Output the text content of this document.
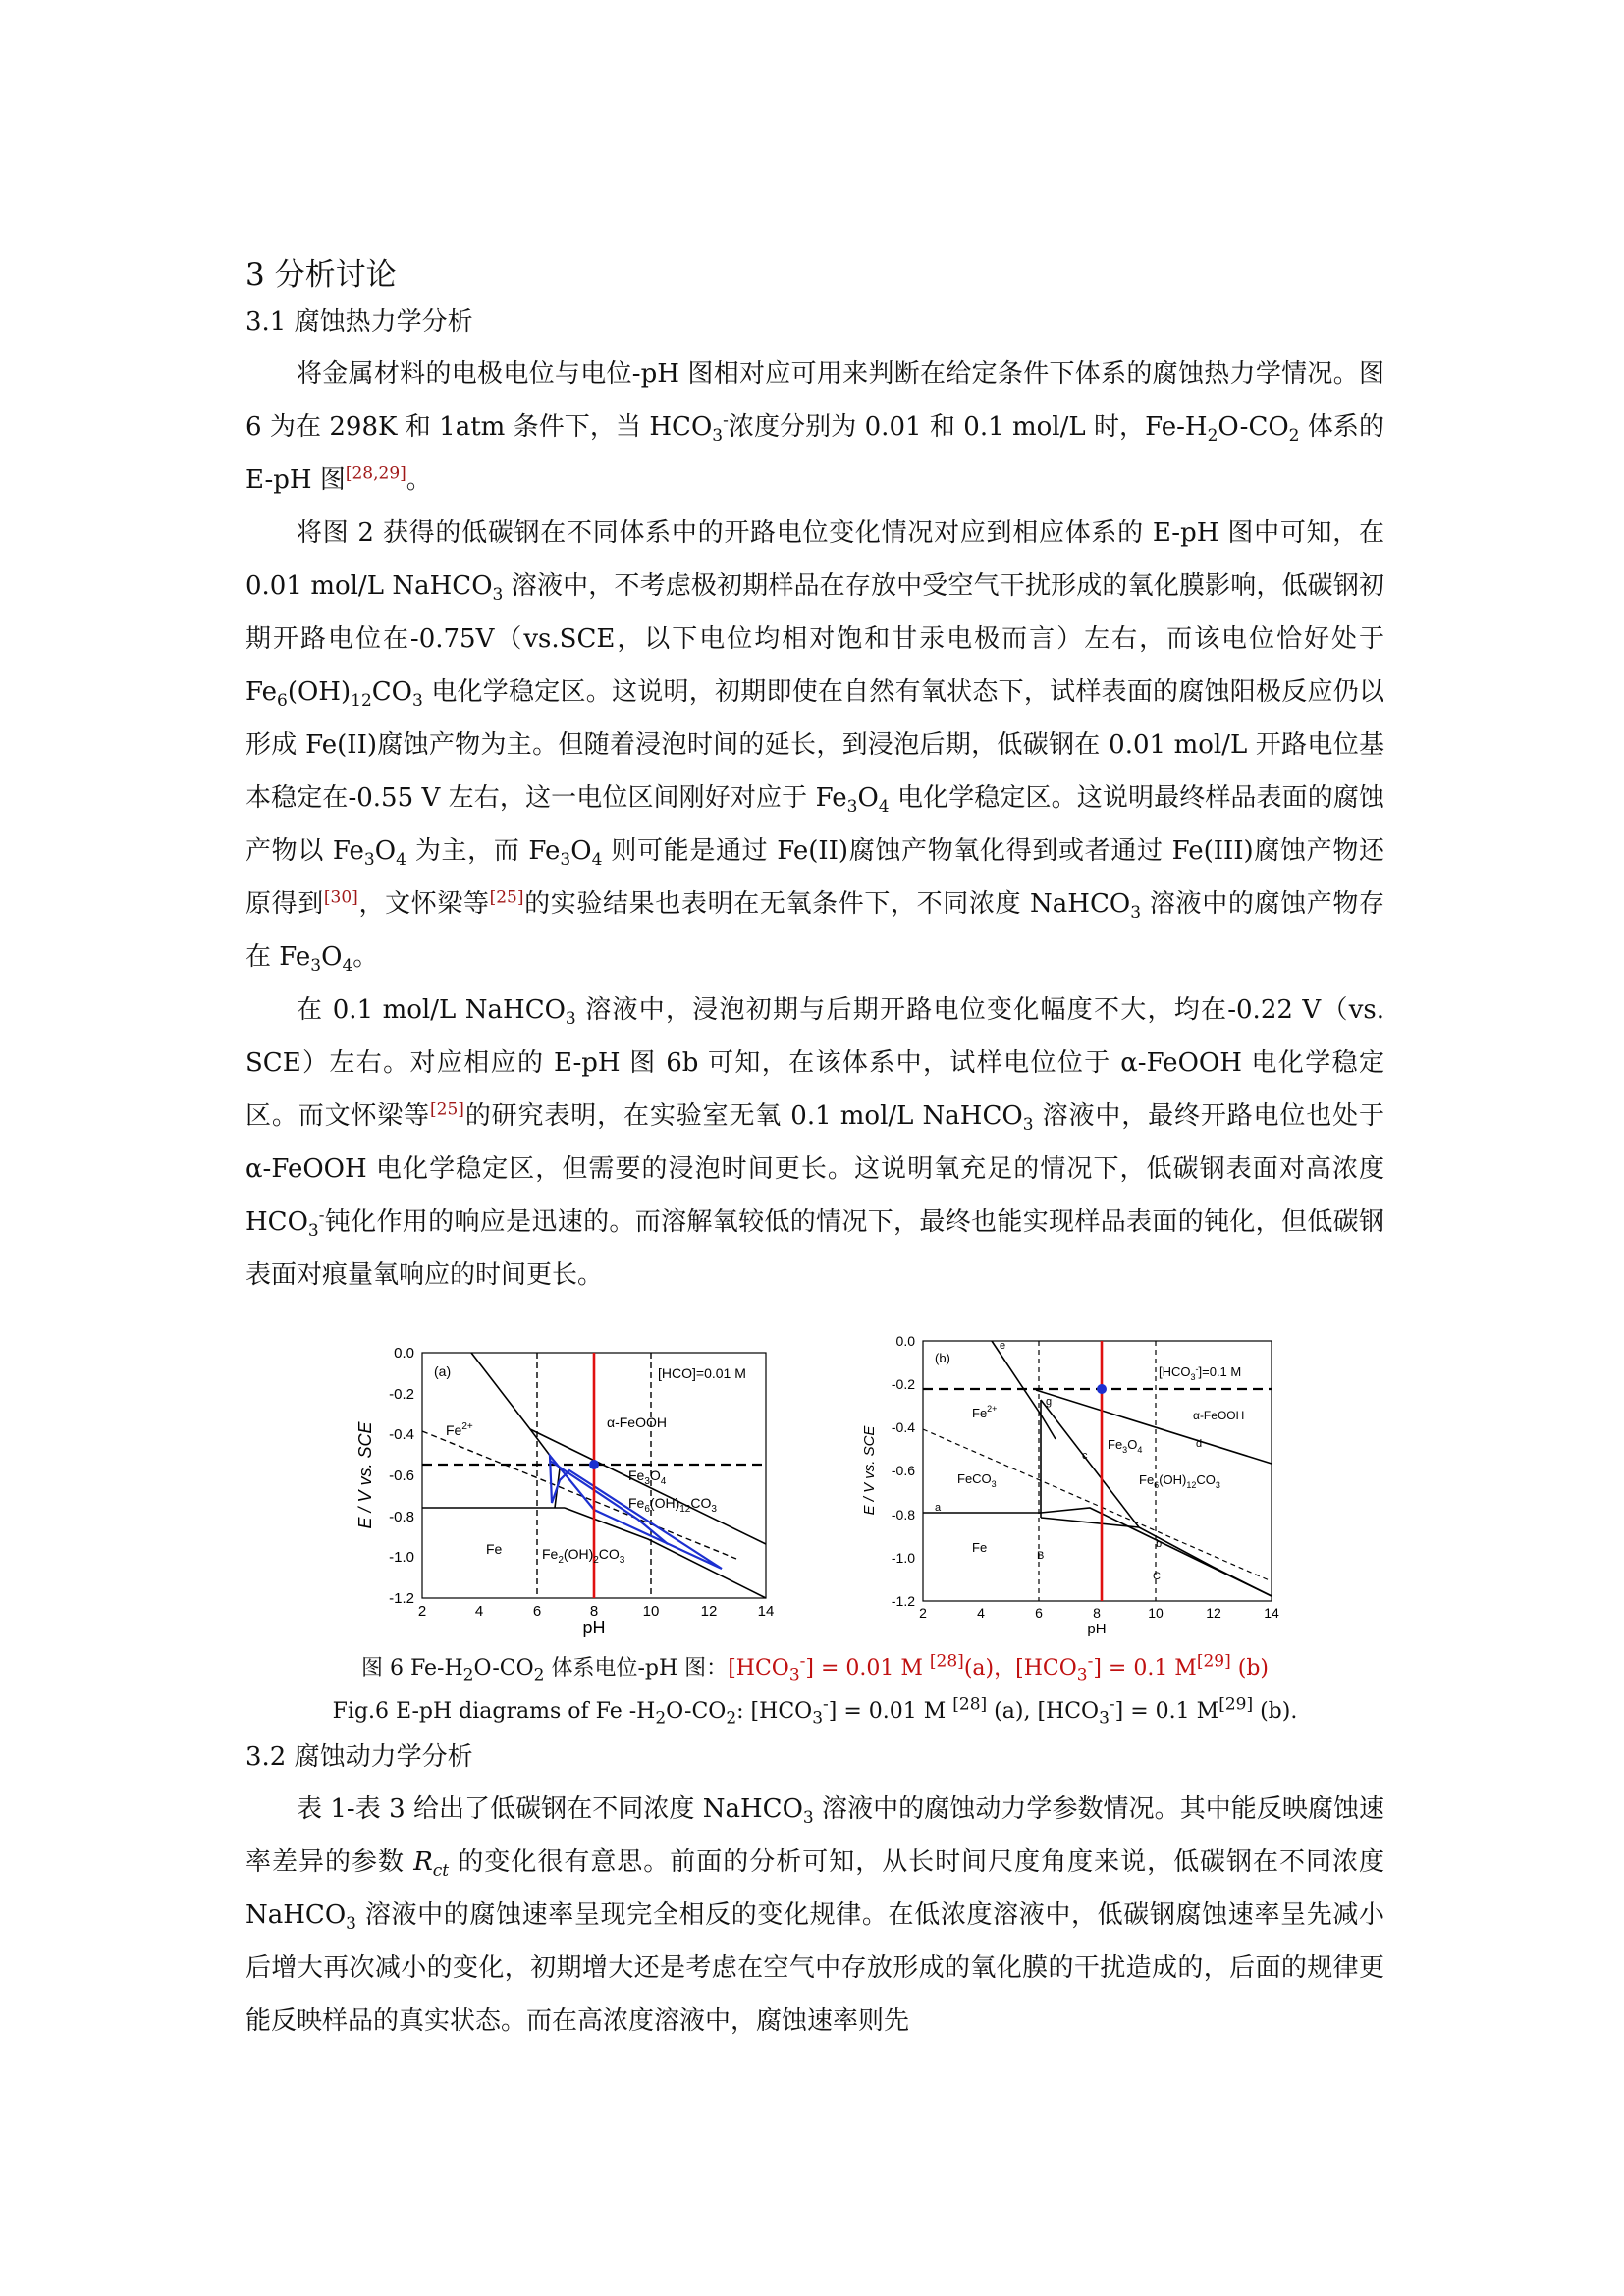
3 分析讨论
3.1 腐蚀热力学分析

将金属材料的电极电位与电位-pH 图相对应可用来判断在给定条件下体系的腐蚀热力学情况。图 6 为在 298K 和 1atm 条件下，当 $HCO_3^-$浓度分别为 0.01 和 0.1 mol/L 时，$Fe-H_2O-CO_2$ 体系的 E-pH 图[28,29]。

将图 2 获得的低碳钢在不同体系中的开路电位变化情况对应到相应体系的 E-pH 图中可知，在 0.01 mol/L NaHCO$_3$ 溶液中，不考虑极初期样品在存放中受空气干扰形成的氧化膜影响，低碳钢初期开路电位在-0.75V（vs.SCE，以下电位均相对饱和甘汞电极而言）左右，而该电位恰好处于 $Fe_6(OH)_{12}CO_3$ 电化学稳定区。这说明，初期即使在自然有氧状态下，试样表面的腐蚀阳极反应仍以形成 Fe(II)腐蚀产物为主。但随着浸泡时间的延长，到浸泡后期，低碳钢在 0.01 mol/L 开路电位基本稳定在-0.55 V 左右，这一电位区间刚好对应于 $Fe_3O_4$ 电化学稳定区。这说明最终样品表面的腐蚀产物以 $Fe_3O_4$ 为主，而 $Fe_3O_4$ 则可能是通过 Fe(II)腐蚀产物氧化得到或者通过 Fe(III)腐蚀产物还原得到[30]，文怀梁等[25]的实验结果也表明在无氧条件下，不同浓度 NaHCO$_3$ 溶液中的腐蚀产物存在 $Fe_3O_4$。

在 0.1 mol/L NaHCO$_3$ 溶液中，浸泡初期与后期开路电位变化幅度不大，均在-0.22 V（vs. SCE）左右。对应相应的 E-pH 图 6b 可知，在该体系中，试样电位位于 α-FeOOH 电化学稳定区。而文怀梁等[25]的研究表明，在实验室无氧 0.1 mol/L NaHCO$_3$ 溶液中，最终开路电位也处于 α-FeOOH 电化学稳定区，但需要的浸泡时间更长。这说明氧充足的情况下，低碳钢表面对高浓度 $HCO_3^-$钝化作用的响应是迅速的。而溶解氧较低的情况下，最终也能实现样品表面的钝化，但低碳钢表面对痕量氧响应的时间更长。

0.0
-0.2
-0.4
-0.6
-0.8
-1.0
-1.2
2	4	6	8	10	12	14
pH
E / V vs. SCE
(a)	[HCO]=0.01 M
$Fe^{2+}$	α-FeOOH
$Fe_3O_4$
$Fe_6(OH)_{12}CO_3$
Fe	$Fe_2(OH)_2CO_3$
0.0
-0.2
-0.4
-0.6
-0.8
-1.0
-1.2
2	4	6	8	10	12	14
pH
E / V vs. SCE
(b)
$[HCO_3^-]=0.1$ M
$Fe^{2+}$	α-FeOOH
$Fe_3O_4$
$Fe_6(OH)_{12}CO_3$
FeCO$_3$
Fe
e
a
b
c
d
g
B
C
图 6 $Fe-H_2O-CO_2$ 体系电位-pH 图：$[HCO_3^-] = 0.01$ M [28](a)，$[HCO_3^-] = 0.1$ M[29] (b)
Fig.6 E-pH diagrams of Fe $-H_2O-CO_2$: $[HCO_3^-] = 0.01$ M [28] (a), $[HCO_3^-] = 0.1$ M[29] (b).
3.2 腐蚀动力学分析

表 1-表 3 给出了低碳钢在不同浓度 NaHCO$_3$ 溶液中的腐蚀动力学参数情况。其中能反映腐蚀速率差异的参数 $R_{ct}$ 的变化很有意思。前面的分析可知，从长时间尺度角度来说，低碳钢在不同浓度 NaHCO$_3$ 溶液中的腐蚀速率呈现完全相反的变化规律。在低浓度溶液中，低碳钢腐蚀速率呈先减小后增大再次减小的变化，初期增大还是考虑在空气中存放形成的氧化膜的干扰造成的，后面的规律更能反映样品的真实状态。而在高浓度溶液中，腐蚀速率则先
